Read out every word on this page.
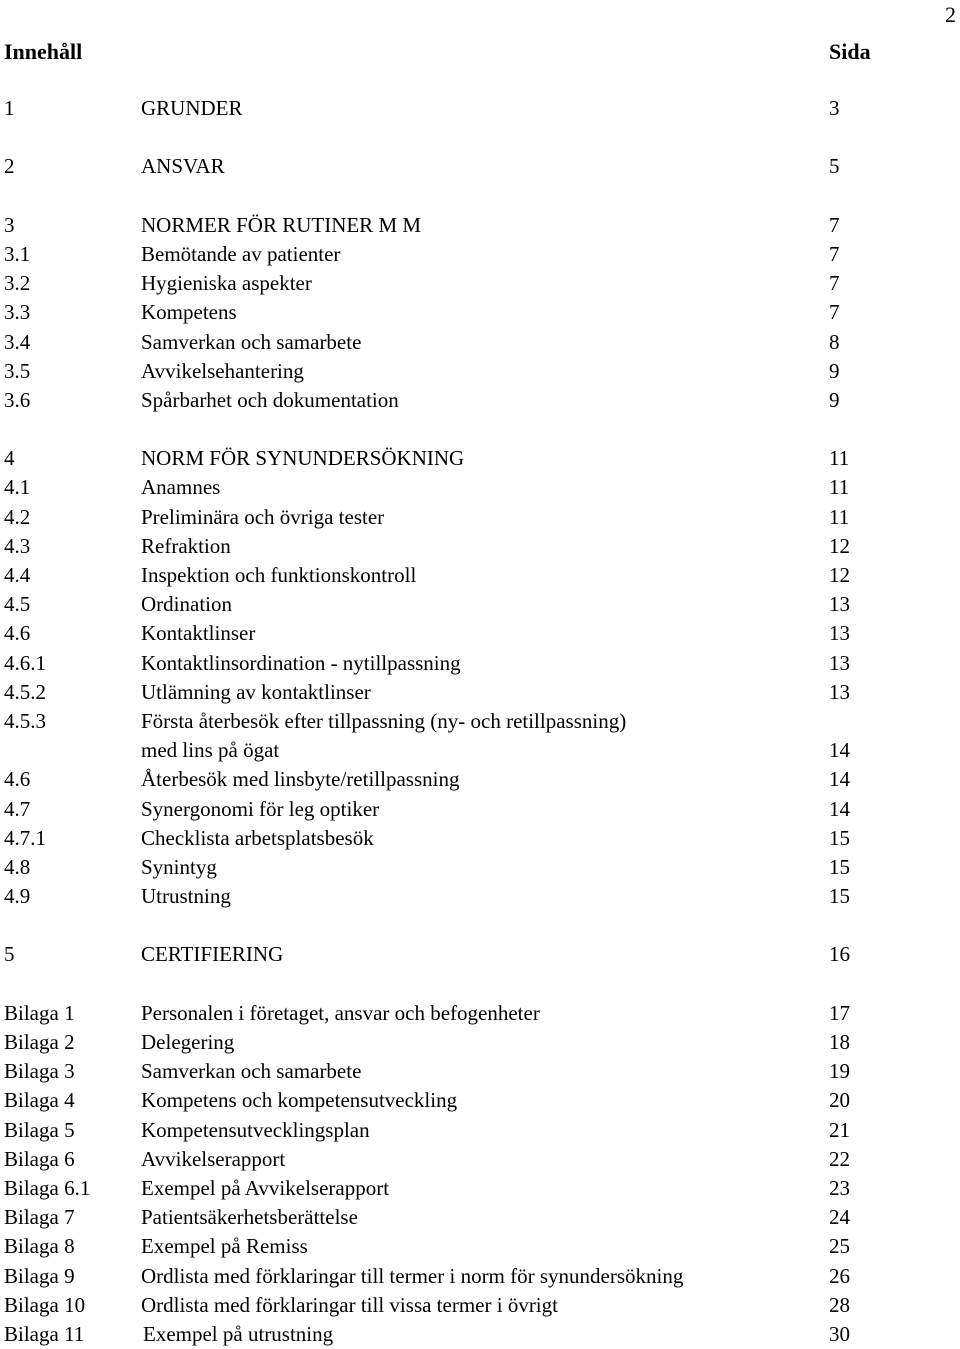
2
Innehåll	Sida
1	GRUNDER	3
2	ANSVAR	5
3	NORMER FÖR RUTINER M M	7
3.1	Bemötande av patienter	7
3.2	Hygieniska aspekter	7
3.3	Kompetens	7
3.4	Samverkan och samarbete	8
3.5	Avvikelsehantering	9
3.6	Spårbarhet och dokumentation	9
4	NORM FÖR SYNUNDERSÖKNING	11
4.1	Anamnes	11
4.2	Preliminära och övriga tester	11
4.3	Refraktion	12
4.4	Inspektion och funktionskontroll	12
4.5	Ordination	13
4.6	Kontaktlinser	13
4.6.1	Kontaktlinsordination - nytillpassning	13
4.5.2	Utlämning av kontaktlinser	13
4.5.3	Första återbesök efter tillpassning (ny- och retillpassning)
med lins på ögat	14
4.6	Återbesök med linsbyte/retillpassning	14
4.7	Synergonomi för leg optiker	14
4.7.1	Checklista arbetsplatsbesök	15
4.8	Synintyg	15
4.9	Utrustning	15
5	CERTIFIERING	16
Bilaga 1	Personalen i företaget, ansvar och befogenheter	17
Bilaga 2	Delegering	18
Bilaga 3	Samverkan och samarbete	19
Bilaga 4	Kompetens och kompetensutveckling	20
Bilaga 5	Kompetensutvecklingsplan	21
Bilaga 6	Avvikelserapport	22
Bilaga 6.1 Exempel på Avvikelserapport	23
Bilaga 7	Patientsäkerhetsberättelse	24
Bilaga 8	Exempel på Remiss	25
Bilaga 9	Ordlista med förklaringar till termer i norm för synundersökning	26
Bilaga 10	Ordlista med förklaringar till vissa termer i övrigt	28
Bilaga 11	Exempel på utrustning	30
